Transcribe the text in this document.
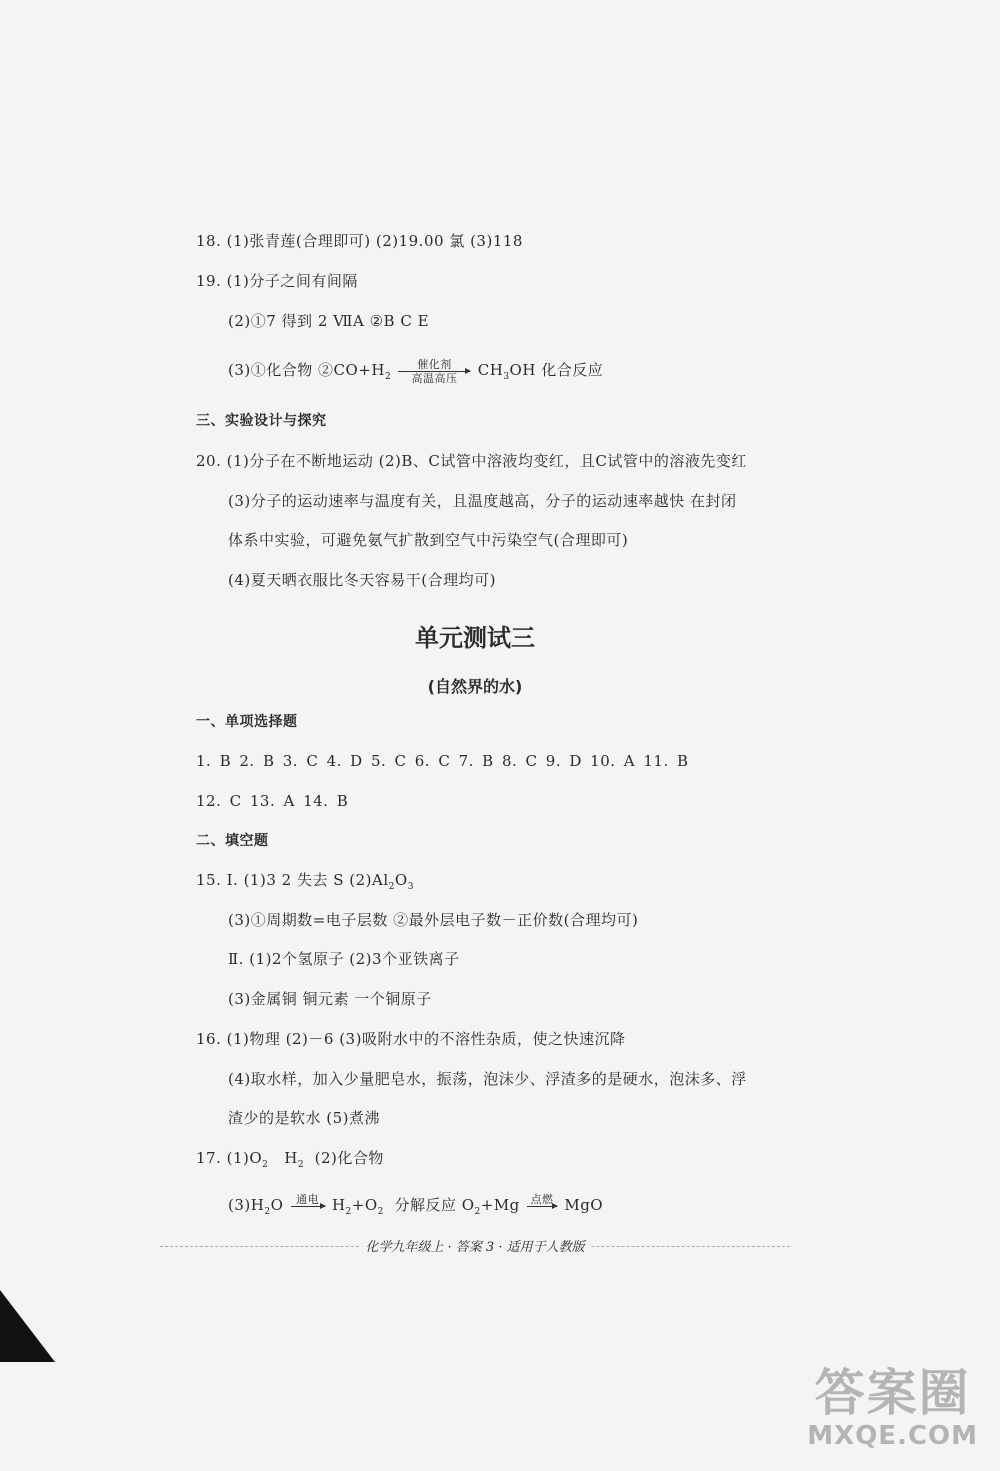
18. (1)张青莲(合理即可) (2)19.00 氯 (3)118
19. (1)分子之间有间隔
(2)①7 得到 2 ⅦA ②B C E
(3)①化合物 $②CO+H_2$
催化剂
高温高压	$CH_3OH$ 化合反应
三、实验设计与探究
20. (1)分子在不断地运动 (2)B、C试管中溶液均变红，且C试管中的溶液先变红
(3)分子的运动速率与温度有关，且温度越高，分子的运动速率越快 在封闭
体系中实验，可避免氨气扩散到空气中污染空气(合理即可)
(4)夏天晒衣服比冬天容易干(合理均可)
单元测试三
(自然界的水)
一、单项选择题
1. B 2. B 3. C 4. D 5. C 6. C 7. B 8. C 9. D 10. A 11. B
12. C 13. A 14. B
二、填空题
15. Ⅰ. (1)3 2 失去 S $(2)Al_2O_3$
(3)①周期数=电子层数 ②最外层电子数－正价数(合理均可)
Ⅱ. (1)2个氢原子 (2)3个亚铁离子
(3)金属铜 铜元素 一个铜原子
16. (1)物理 (2)－6 (3)吸附水中的不溶性杂质，使之快速沉降
(4)取水样，加入少量肥皂水，振荡，泡沫少、浮渣多的是硬水，泡沫多、浮
渣少的是软水 (5)煮沸
17. $(1)O_2$ $H_2$ (2)化合物
$(3)H_2O$	通电 $H_2+O_2$ 分解反应 $O_2+Mg$ 点燃 MgO
化学九年级上 · 答案 3 · 适用于人教版

答案圈
MXQE.COM
